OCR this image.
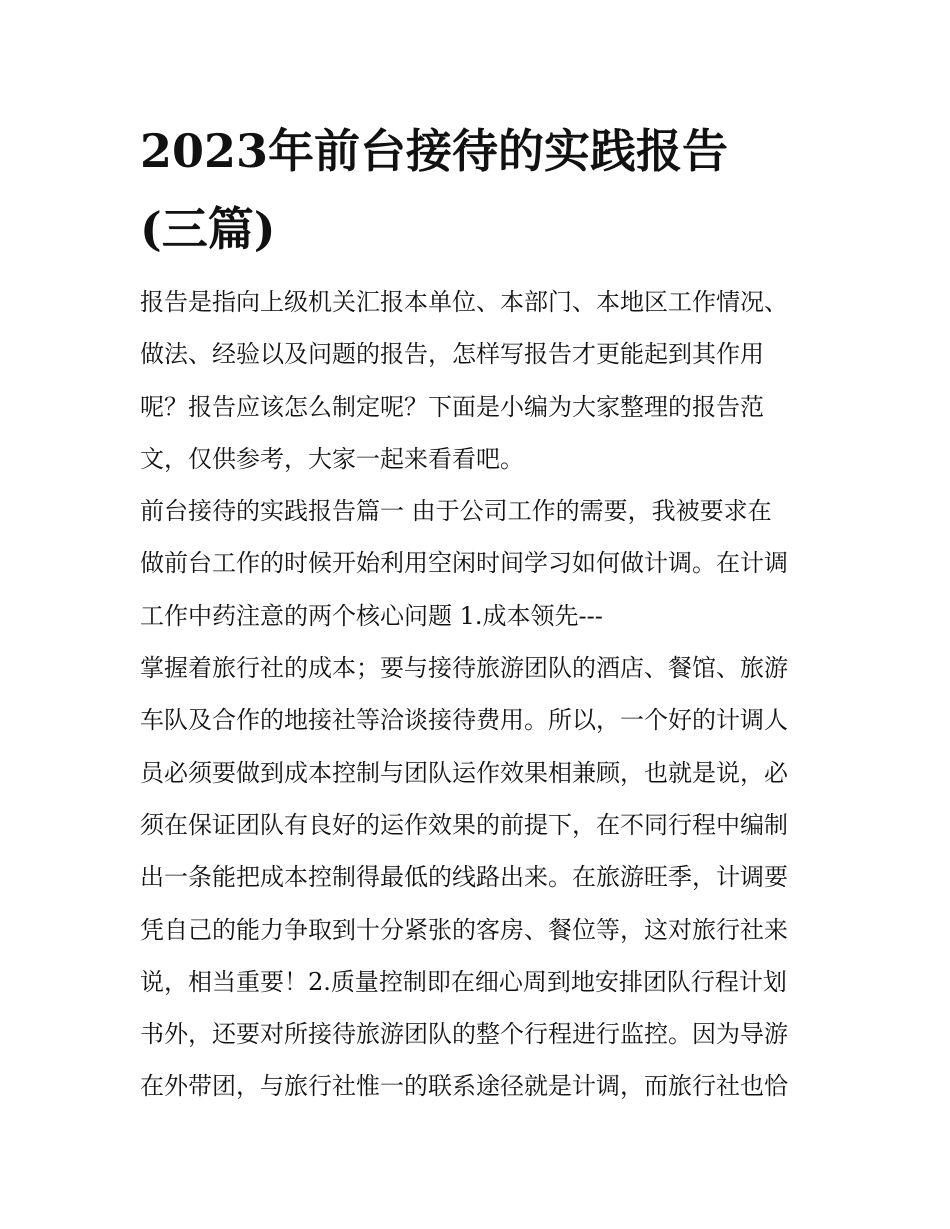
2023年前台接待的实践报告
(三篇)
报告是指向上级机关汇报本单位、本部门、本地区工作情况、
做法、经验以及问题的报告，怎样写报告才更能起到其作用
呢？报告应该怎么制定呢？下面是小编为大家整理的报告范
文，仅供参考，大家一起来看看吧。
前台接待的实践报告篇一 由于公司工作的需要，我被要求在
做前台工作的时候开始利用空闲时间学习如何做计调。在计调
工作中药注意的两个核心问题 1.成本领先---
掌握着旅行社的成本；要与接待旅游团队的酒店、餐馆、旅游
车队及合作的地接社等洽谈接待费用。所以，一个好的计调人
员必须要做到成本控制与团队运作效果相兼顾，也就是说，必
须在保证团队有良好的运作效果的前提下，在不同行程中编制
出一条能把成本控制得最低的线路出来。在旅游旺季，计调要
凭自己的能力争取到十分紧张的客房、餐位等，这对旅行社来
说，相当重要！2.质量控制即在细心周到地安排团队行程计划
书外，还要对所接待旅游团队的整个行程进行监控。因为导游
在外带团，与旅行社惟一的联系途径就是计调，而旅行社也恰
